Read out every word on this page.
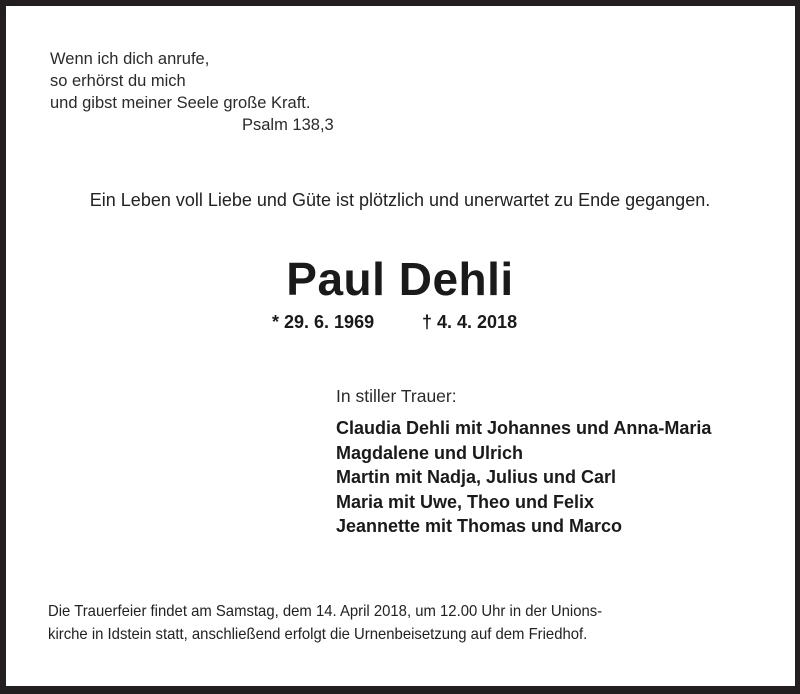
Wenn ich dich anrufe,
so erhörst du mich
und gibst meiner Seele große Kraft.
Psalm 138,3
Ein Leben voll Liebe und Güte ist plötzlich und unerwartet zu Ende gegangen.
Paul Dehli
* 29. 6. 1969	† 4. 4. 2018
In stiller Trauer:
Claudia Dehli mit Johannes und Anna-Maria
Magdalene und Ulrich
Martin mit Nadja, Julius und Carl
Maria mit Uwe, Theo und Felix
Jeannette mit Thomas und Marco
Die Trauerfeier findet am Samstag, dem 14. April 2018, um 12.00 Uhr in der Unions-
kirche in Idstein statt, anschließend erfolgt die Urnenbeisetzung auf dem Friedhof.
